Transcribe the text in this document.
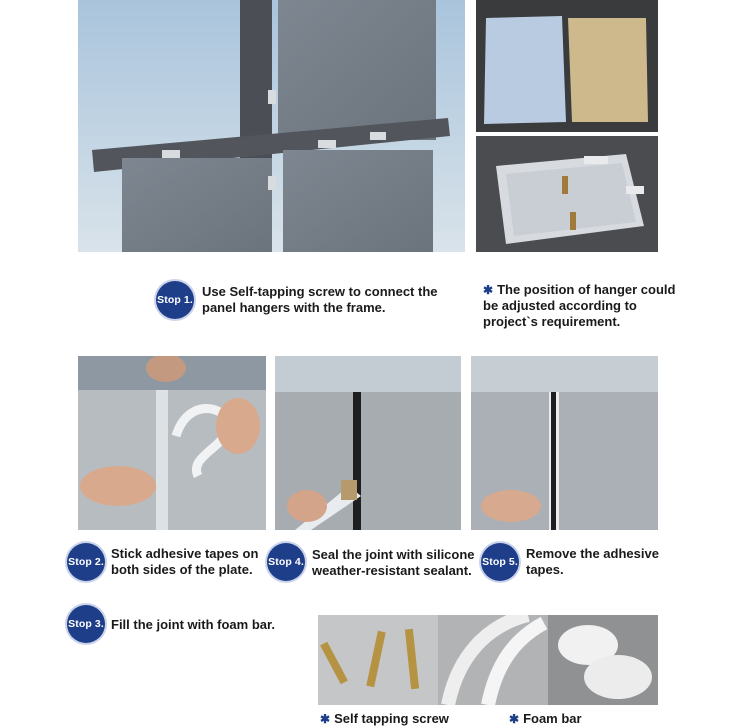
Stop 1.
Use Self-tapping screw to connect the panel hangers with the frame.
✱ The position of hanger could be adjusted according to project`s requirement.
Stop 2.
Stick adhesive tapes on both sides of the plate.	Stop 4. Seal the joint with silicone weather-resistant sealant.
Stop 5.
Remove the adhesive tapes.
Stop 3. Fill the joint with foam bar.
✱ Self tapping screw	✱ Foam bar
